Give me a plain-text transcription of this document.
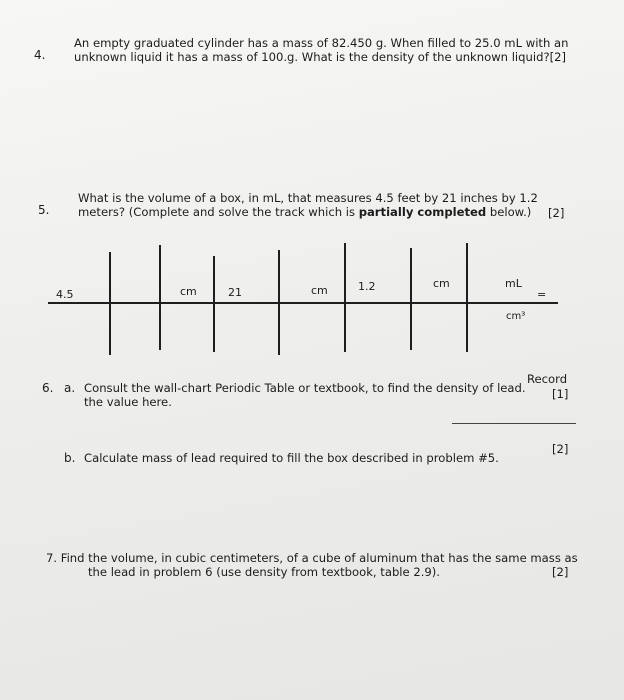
4.
An empty graduated cylinder has a mass of 82.450 g. When filled to 25.0 mL with an
unknown liquid it has a mass of 100.g. What is the density of the unknown liquid?[2]
5.
What is the volume of a box, in mL, that measures 4.5 feet by 21 inches by 1.2
meters? (Complete and solve the track which is partially completed below.)	[2]
4.5	cm	21	cm	1.2	cm	mL
=
cm³
6. a. Consult the wall-chart Periodic Table or textbook, to find the density of lead.
Record
the value here.
[1]
b. Calculate mass of lead required to fill the box described in problem #5.
[2]
7. Find the volume, in cubic centimeters, of a cube of aluminum that has the same mass as
the lead in problem 6 (use density from textbook, table 2.9).	[2]
